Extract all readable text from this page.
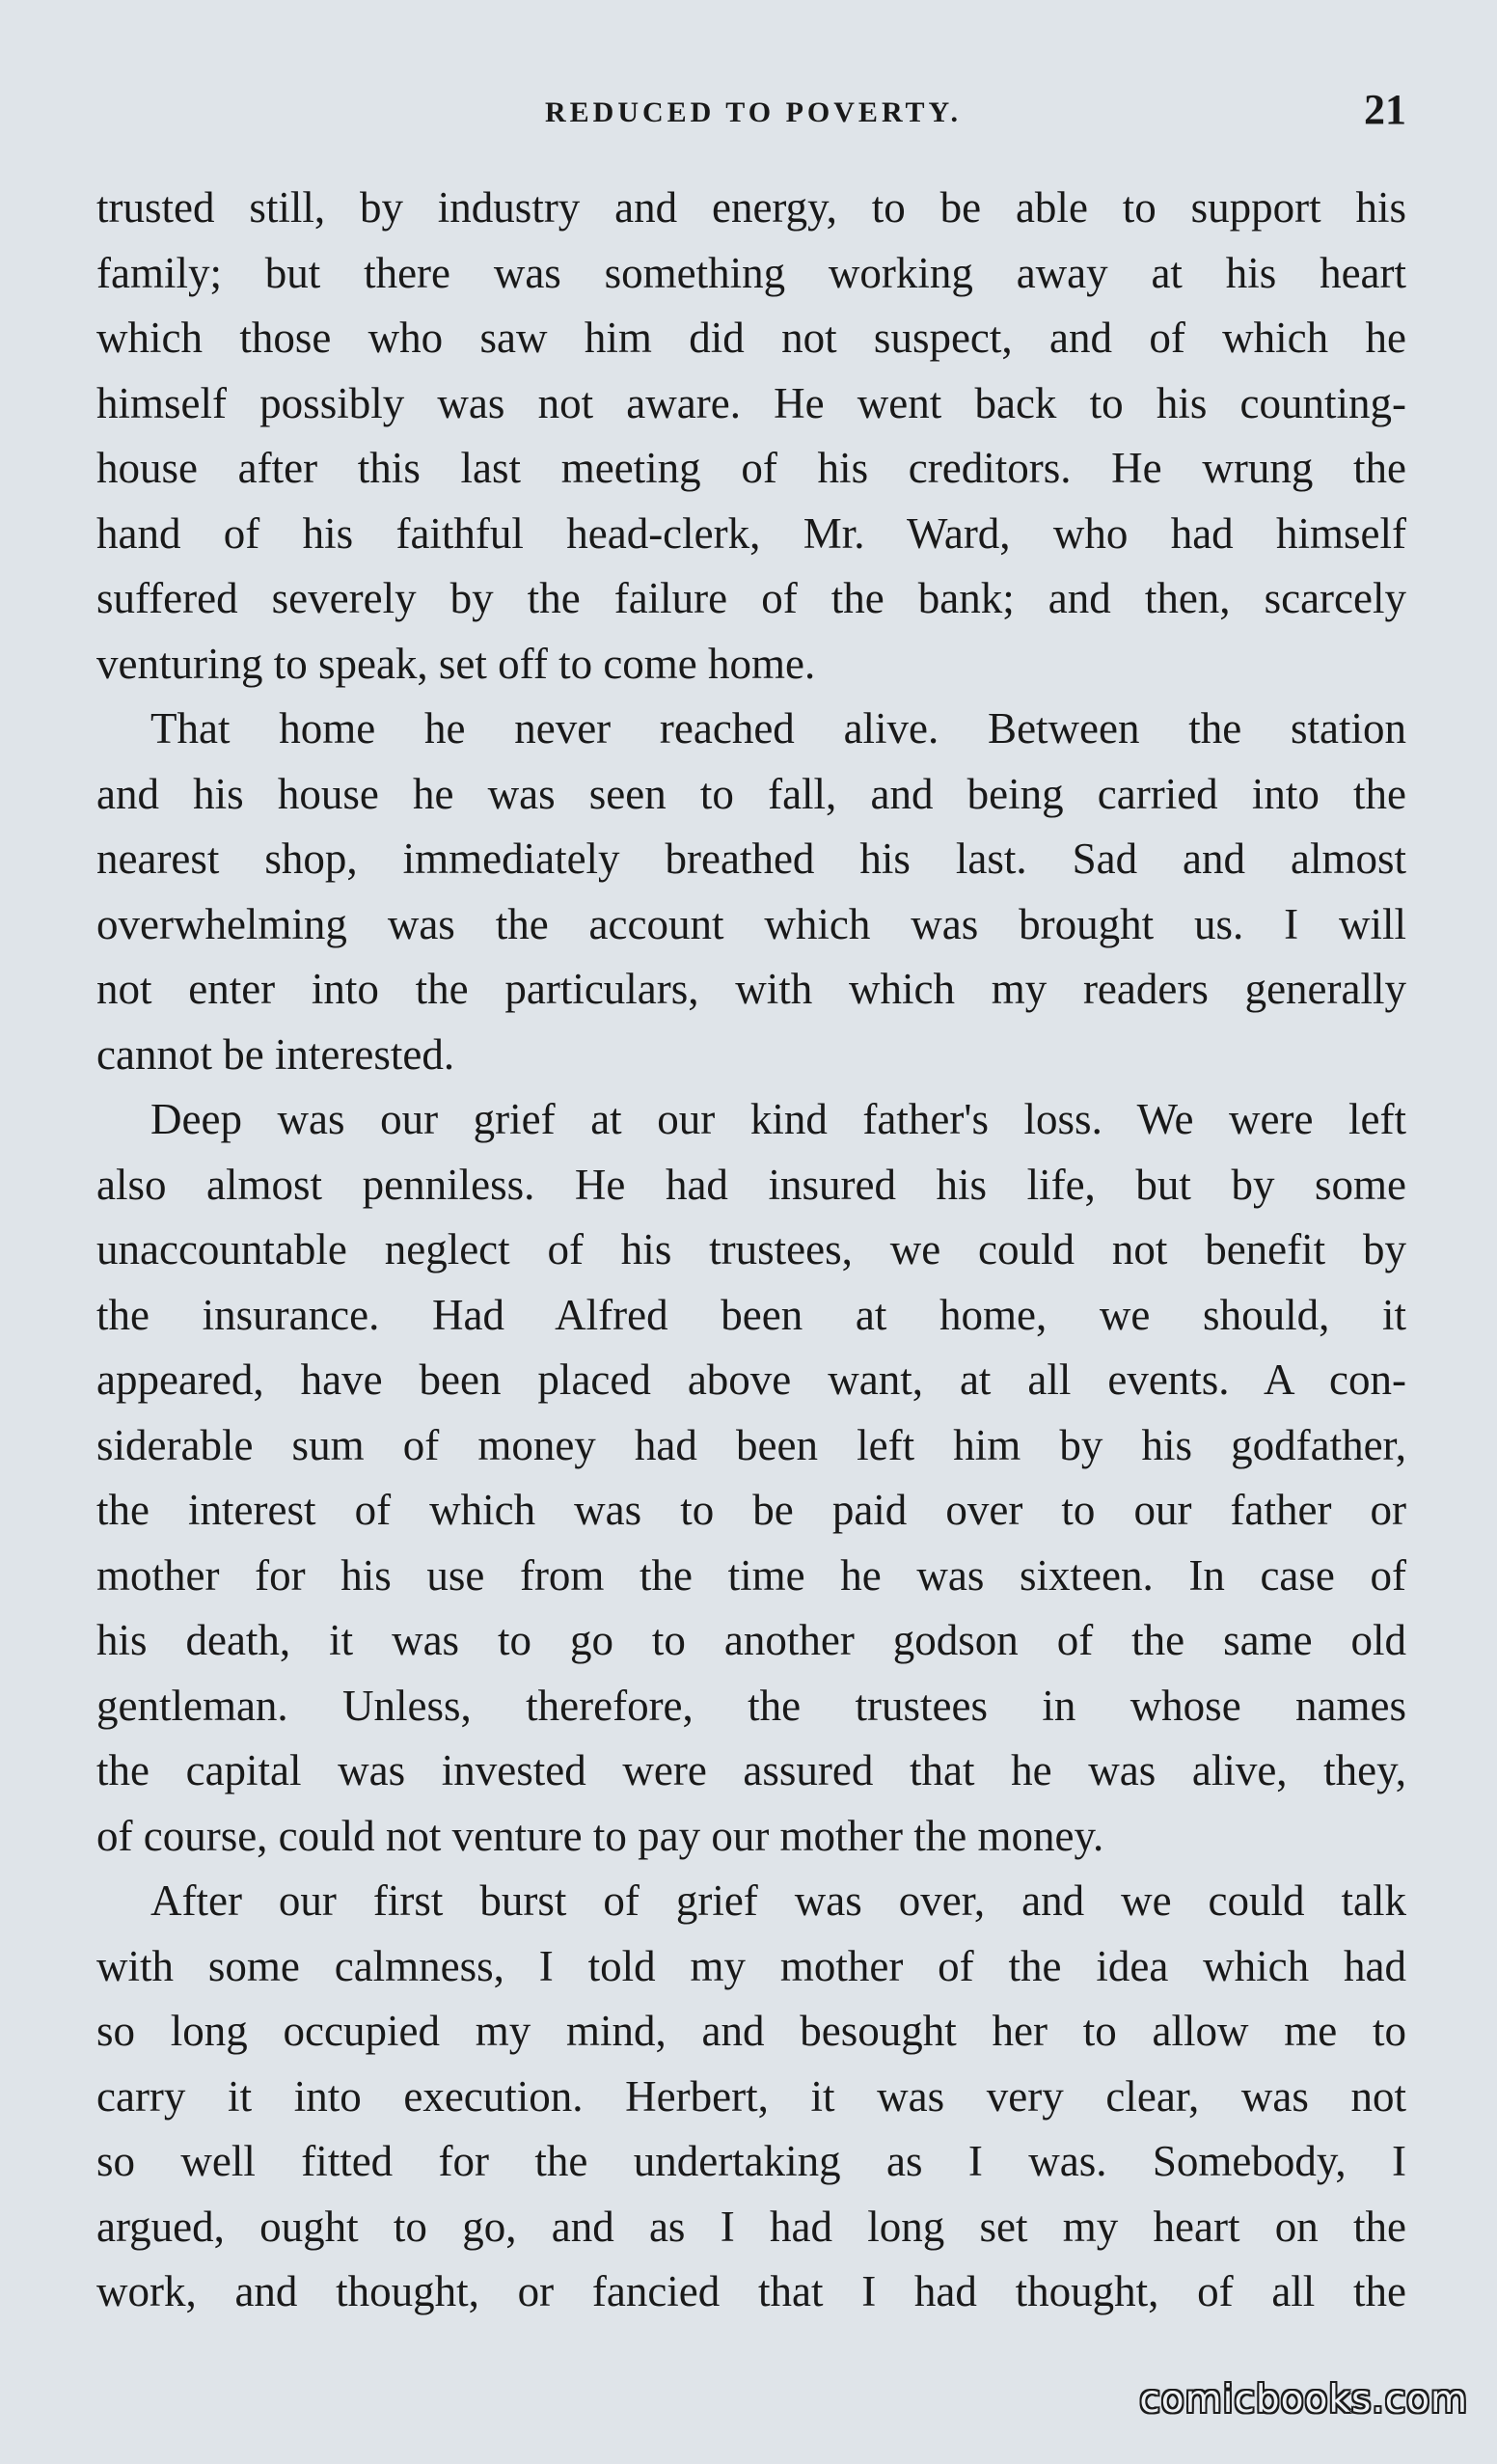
REDUCED TO POVERTY.	21

trusted still, by industry and energy, to be able to support his
family; but there was something working away at his heart
which those who saw him did not suspect, and of which he
himself possibly was not aware. He went back to his counting-
house after this last meeting of his creditors. He wrung the
hand of his faithful head-clerk, Mr. Ward, who had himself
suffered severely by the failure of the bank; and then, scarcely
venturing to speak, set off to come home.

That home he never reached alive. Between the station
and his house he was seen to fall, and being carried into the
nearest shop, immediately breathed his last. Sad and almost
overwhelming was the account which was brought us. I will
not enter into the particulars, with which my readers generally
cannot be interested.

Deep was our grief at our kind father's loss. We were left
also almost penniless. He had insured his life, but by some
unaccountable neglect of his trustees, we could not benefit by
the insurance. Had Alfred been at home, we should, it
appeared, have been placed above want, at all events. A con-
siderable sum of money had been left him by his godfather,
the interest of which was to be paid over to our father or
mother for his use from the time he was sixteen. In case of
his death, it was to go to another godson of the same old
gentleman. Unless, therefore, the trustees in whose names
the capital was invested were assured that he was alive, they,
of course, could not venture to pay our mother the money.

After our first burst of grief was over, and we could talk
with some calmness, I told my mother of the idea which had
so long occupied my mind, and besought her to allow me to
carry it into execution. Herbert, it was very clear, was not
so well fitted for the undertaking as I was. Somebody, I
argued, ought to go, and as I had long set my heart on the
work, and thought, or fancied that I had thought, of all the

comicbooks.com
